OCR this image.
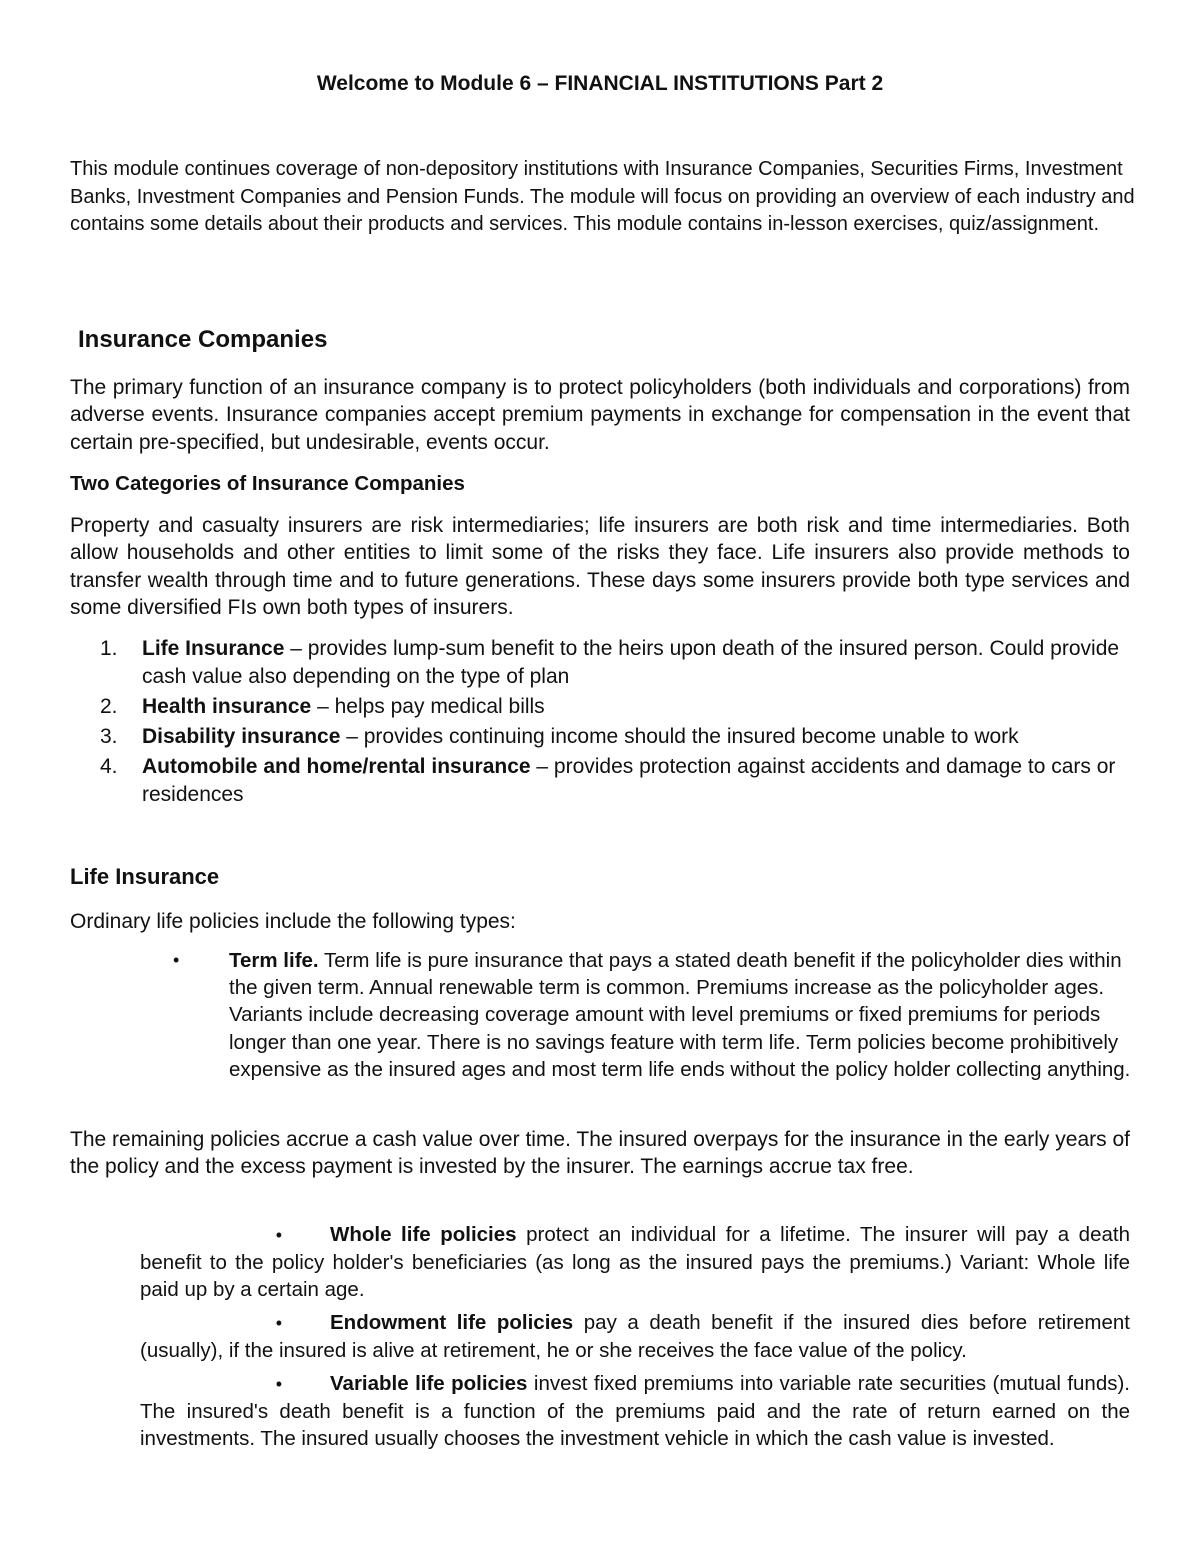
Welcome to Module 6 – FINANCIAL INSTITUTIONS Part 2
This module continues coverage of non-depository institutions with Insurance Companies, Securities Firms, Investment Banks, Investment Companies and Pension Funds. The module will focus on providing an overview of each industry and contains some details about their products and services. This module contains in-lesson exercises, quiz/assignment.
Insurance Companies
The primary function of an insurance company is to protect policyholders (both individuals and corporations) from adverse events. Insurance companies accept premium payments in exchange for compensation in the event that certain pre-specified, but undesirable, events occur.
Two Categories of Insurance Companies
Property and casualty insurers are risk intermediaries; life insurers are both risk and time intermediaries. Both allow households and other entities to limit some of the risks they face. Life insurers also provide methods to transfer wealth through time and to future generations. These days some insurers provide both type services and some diversified FIs own both types of insurers.
1.	Life Insurance – provides lump-sum benefit to the heirs upon death of the insured person. Could provide cash value also depending on the type of plan
2.	Health insurance – helps pay medical bills
3.	Disability insurance – provides continuing income should the insured become unable to work
4.	Automobile and home/rental insurance – provides protection against accidents and damage to cars or residences
Life Insurance
Ordinary life policies include the following types:
•	Term life. Term life is pure insurance that pays a stated death benefit if the policyholder dies within the given term. Annual renewable term is common. Premiums increase as the policyholder ages. Variants include decreasing coverage amount with level premiums or fixed premiums for periods longer than one year. There is no savings feature with term life. Term policies become prohibitively expensive as the insured ages and most term life ends without the policy holder collecting anything.
The remaining policies accrue a cash value over time. The insured overpays for the insurance in the early years of the policy and the excess payment is invested by the insurer. The earnings accrue tax free.
• Whole life policies protect an individual for a lifetime. The insurer will pay a death benefit to the policy holder's beneficiaries (as long as the insured pays the premiums.) Variant: Whole life paid up by a certain age.
• Endowment life policies pay a death benefit if the insured dies before retirement (usually), if the insured is alive at retirement, he or she receives the face value of the policy.
• Variable life policies invest fixed premiums into variable rate securities (mutual funds). The insured's death benefit is a function of the premiums paid and the rate of return earned on the investments. The insured usually chooses the investment vehicle in which the cash value is invested.
